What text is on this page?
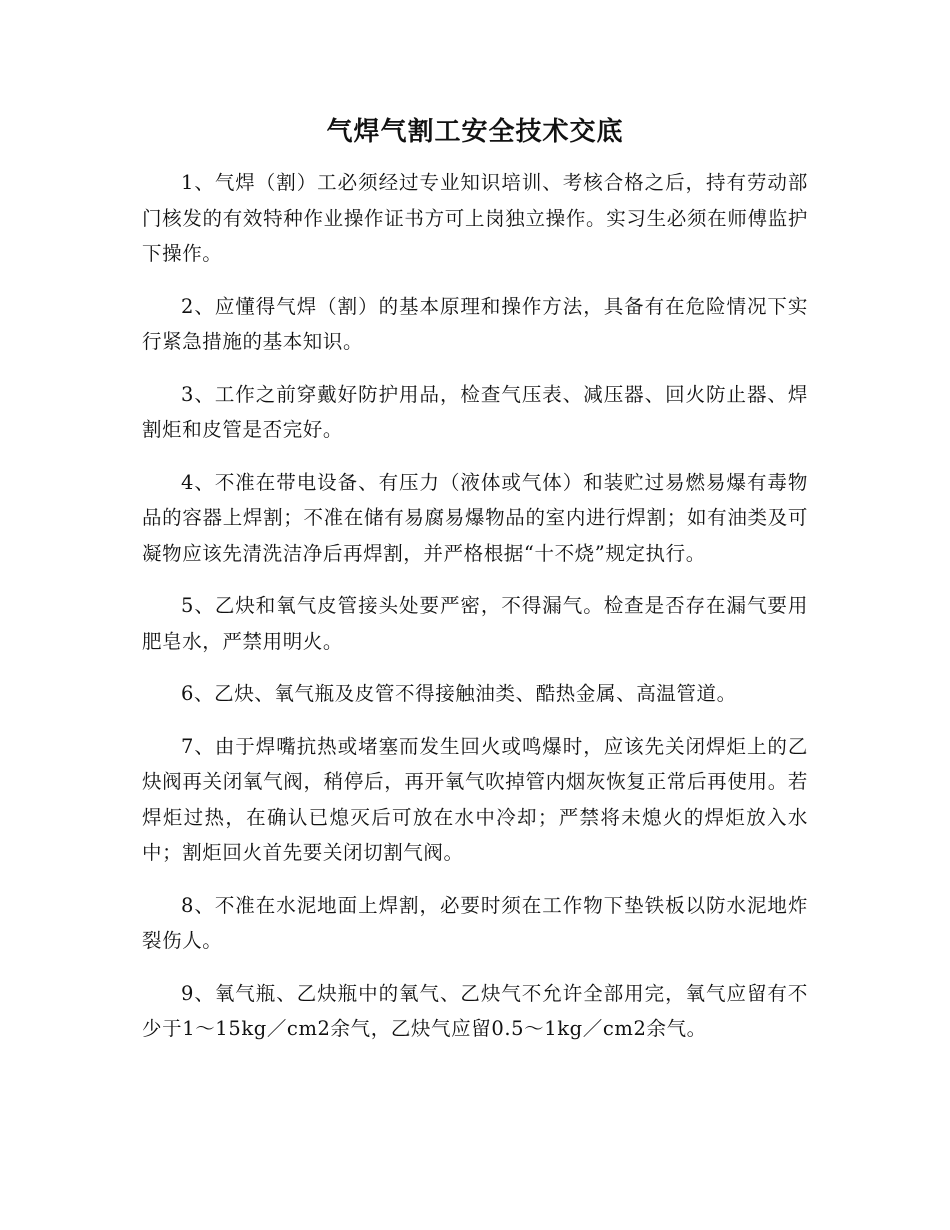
气焊气割工安全技术交底

1、气焊（割）工必须经过专业知识培训、考核合格之后，持有劳动部门核发的有效特种作业操作证书方可上岗独立操作。实习生必须在师傅监护下操作。

2、应懂得气焊（割）的基本原理和操作方法，具备有在危险情况下实行紧急措施的基本知识。

3、工作之前穿戴好防护用品，检查气压表、减压器、回火防止器、焊割炬和皮管是否完好。

4、不准在带电设备、有压力（液体或气体）和装贮过易燃易爆有毒物品的容器上焊割；不准在储有易腐易爆物品的室内进行焊割；如有油类及可凝物应该先清洗洁净后再焊割，并严格根据“十不烧”规定执行。

5、乙炔和氧气皮管接头处要严密，不得漏气。检查是否存在漏气要用肥皂水，严禁用明火。

6、乙炔、氧气瓶及皮管不得接触油类、酷热金属、高温管道。

7、由于焊嘴抗热或堵塞而发生回火或鸣爆时，应该先关闭焊炬上的乙炔阀再关闭氧气阀，稍停后，再开氧气吹掉管内烟灰恢复正常后再使用。若焊炬过热，在确认已熄灭后可放在水中冷却；严禁将未熄火的焊炬放入水中；割炬回火首先要关闭切割气阀。

8、不准在水泥地面上焊割，必要时须在工作物下垫铁板以防水泥地炸裂伤人。

9、氧气瓶、乙炔瓶中的氧气、乙炔气不允许全部用完，氧气应留有不少于1～15kg／cm2余气，乙炔气应留0.5～1kg／cm2余气。
